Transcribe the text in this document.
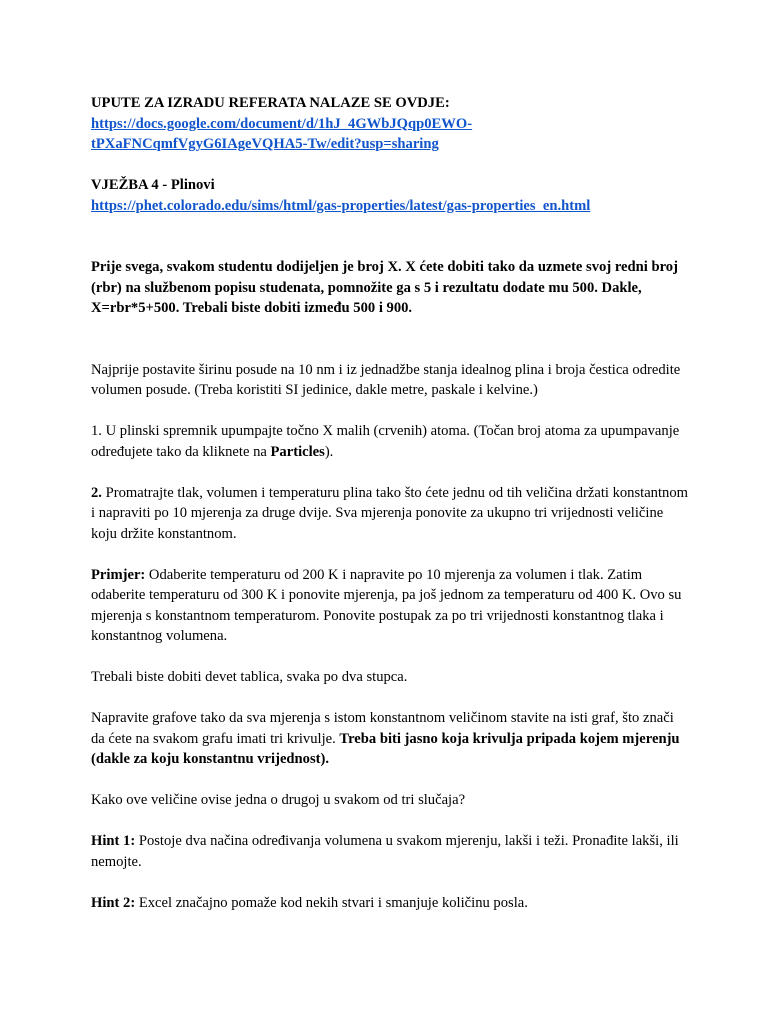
UPUTE ZA IZRADU REFERATA NALAZE SE OVDJE:

https://docs.google.com/document/d/1hJ_4GWbJQqp0EWO-
tPXaFNCqmfVgyG6IAgeVQHA5-Tw/edit?usp=sharing

VJEŽBA 4 - Plinovi

https://phet.colorado.edu/sims/html/gas-properties/latest/gas-properties_en.html

Prije svega, svakom studentu dodijeljen je broj X. X ćete dobiti tako da uzmete svoj redni broj (rbr) na službenom popisu studenata, pomnožite ga s 5 i rezultatu dodate mu 500. Dakle, X=rbr*5+500. Trebali biste dobiti između 500 i 900.

Najprije postavite širinu posude na 10 nm i iz jednadžbe stanja idealnog plina i broja čestica odredite volumen posude. (Treba koristiti SI jedinice, dakle metre, paskale i kelvine.)

1. U plinski spremnik upumpajte točno X malih (crvenih) atoma. (Točan broj atoma za upumpavanje određujete tako da kliknete na Particles).

2. Promatrajte tlak, volumen i temperaturu plina tako što ćete jednu od tih veličina držati konstantnom i napraviti po 10 mjerenja za druge dvije. Sva mjerenja ponovite za ukupno tri vrijednosti veličine koju držite konstantnom.

Primjer: Odaberite temperaturu od 200 K i napravite po 10 mjerenja za volumen i tlak. Zatim odaberite temperaturu od 300 K i ponovite mjerenja, pa još jednom za temperaturu od 400 K. Ovo su mjerenja s konstantnom temperaturom. Ponovite postupak za po tri vrijednosti konstantnog tlaka i konstantnog volumena.

Trebali biste dobiti devet tablica, svaka po dva stupca.

Napravite grafove tako da sva mjerenja s istom konstantnom veličinom stavite na isti graf, što znači da ćete na svakom grafu imati tri krivulje. Treba biti jasno koja krivulja pripada kojem mjerenju (dakle za koju konstantnu vrijednost).

Kako ove veličine ovise jedna o drugoj u svakom od tri slučaja?

Hint 1: Postoje dva načina određivanja volumena u svakom mjerenju, lakši i teži. Pronađite lakši, ili nemojte.

Hint 2: Excel značajno pomaže kod nekih stvari i smanjuje količinu posla.
